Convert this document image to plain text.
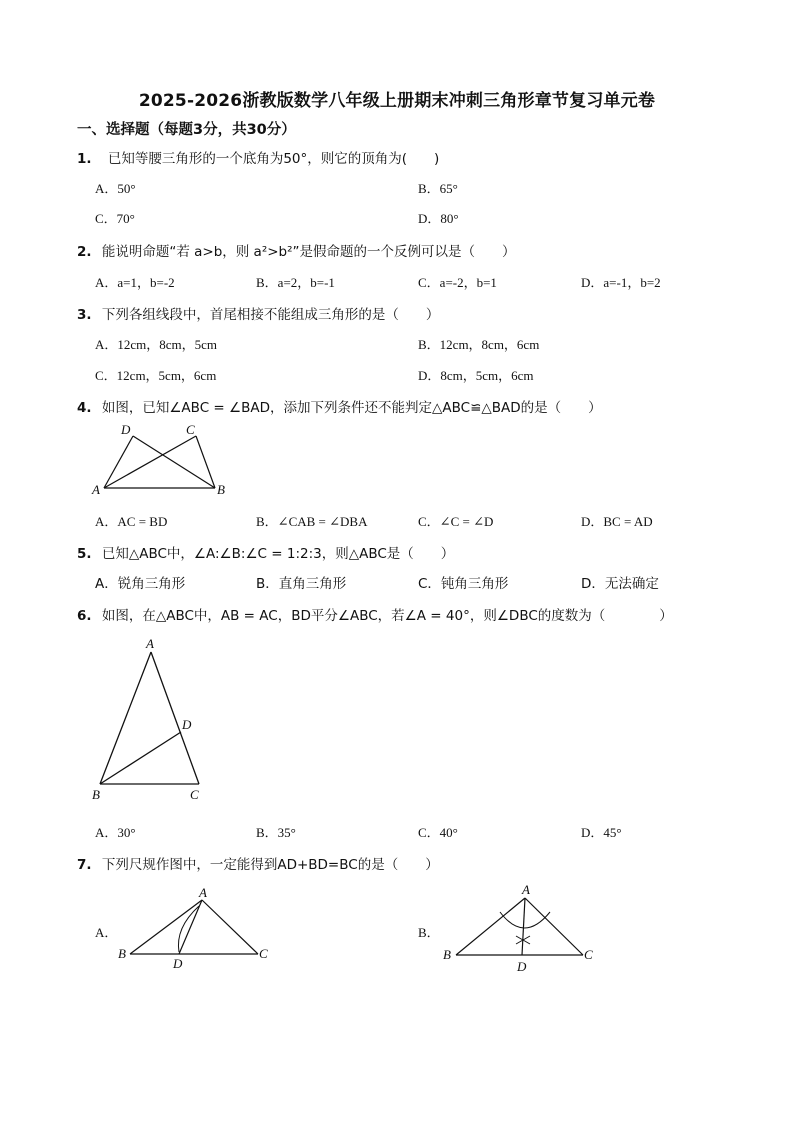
2025-2026浙教版数学八年级上册期末冲刺三角形章节复习单元卷
一、选择题（每题3分，共30分）
1. 已知等腰三角形的一个底角为50°，则它的顶角为(　　)
A．50°	B．65°
C．70°	D．80°
2. 能说明命题“若 a>b，则 a²>b²”是假命题的一个反例可以是（　　）
A．a=1，b=-2	B．a=2，b=-1	C．a=-2，b=1	D．a=-1，b=2
3. 下列各组线段中，首尾相接不能组成三角形的是（　　）
A．12cm，8cm，5cm	B．12cm，8cm，6cm
C．12cm，5cm，6cm	D．8cm，5cm，6cm
4. 如图，已知∠ABC = ∠BAD，添加下列条件还不能判定△ABC≌△BAD的是（　　）
D	C
A	B
A．AC = BD	B．∠CAB = ∠DBA	C．∠C = ∠D	D．BC = AD
5. 已知△ABC中，∠A:∠B:∠C = 1:2:3，则△ABC是（　　）
A．锐角三角形	B．直角三角形	C．钝角三角形	D．无法确定
6. 如图，在△ABC中，AB = AC，BD平分∠ABC，若∠A = 40°，则∠DBC的度数为（　　　　）
A
D
B	C
A．30°	B．35°	C．40°	D．45°
7. 下列尺规作图中，一定能得到AD+BD=BC的是（　　）
A．
A
B
D
C
B．
A
B
D
C
